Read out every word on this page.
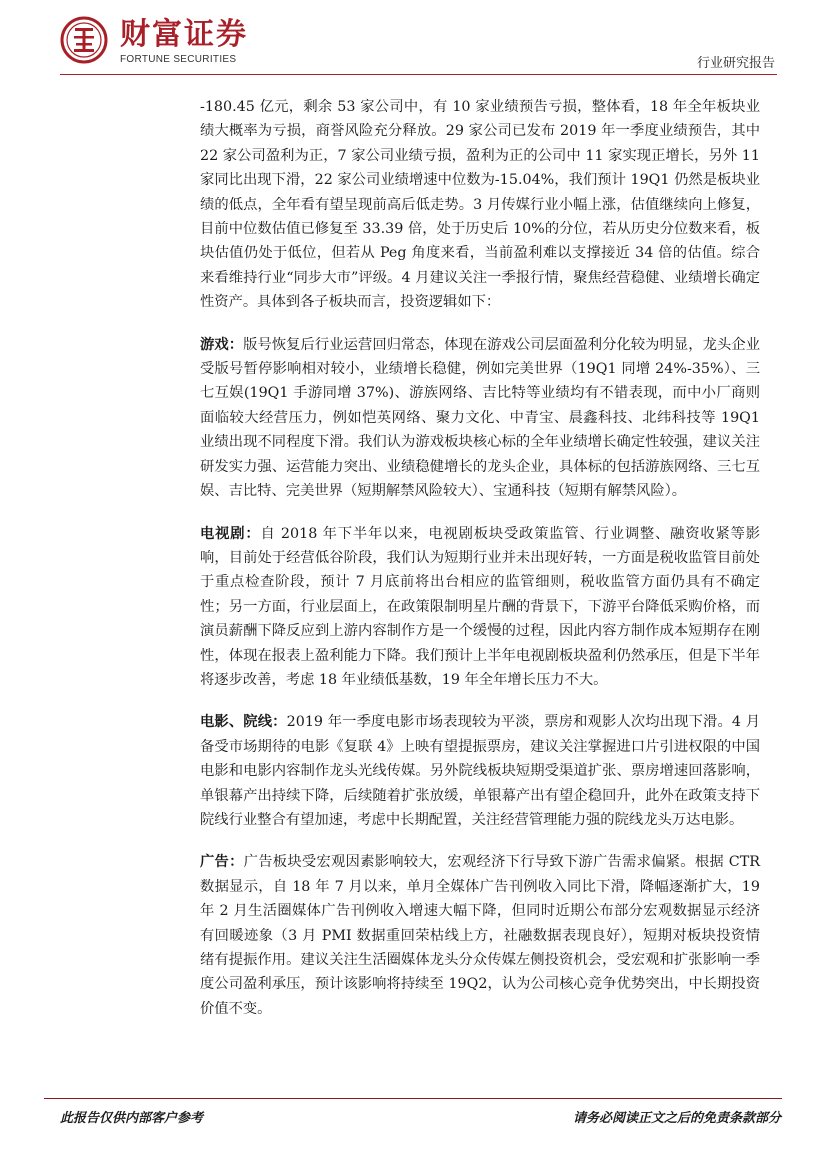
财富证券
FORTUNE SECURITIES	行业研究报告

-180.45 亿元，剩余 53 家公司中，有 10 家业绩预告亏损，整体看，18 年全年板块业绩大概率为亏损，商誉风险充分释放。29 家公司已发布 2019 年一季度业绩预告，其中 22 家公司盈利为正，7 家公司业绩亏损，盈利为正的公司中 11 家实现正增长，另外 11 家同比出现下滑，22 家公司业绩增速中位数为-15.04%，我们预计 19Q1 仍然是板块业绩的低点，全年看有望呈现前高后低走势。3 月传媒行业小幅上涨，估值继续向上修复，目前中位数估值已修复至 33.39 倍，处于历史后 10%的分位，若从历史分位数来看，板块估值仍处于低位，但若从 Peg 角度来看，当前盈利难以支撑接近 34 倍的估值。综合来看维持行业“同步大市”评级。4 月建议关注一季报行情，聚焦经营稳健、业绩增长确定性资产。具体到各子板块而言，投资逻辑如下：

游戏：版号恢复后行业运营回归常态，体现在游戏公司层面盈利分化较为明显，龙头企业受版号暂停影响相对较小，业绩增长稳健，例如完美世界（19Q1 同增 24%-35%）、三七互娱(19Q1 手游同增 37%)、游族网络、吉比特等业绩均有不错表现，而中小厂商则面临较大经营压力，例如恺英网络、聚力文化、中青宝、晨鑫科技、北纬科技等 19Q1 业绩出现不同程度下滑。我们认为游戏板块核心标的全年业绩增长确定性较强，建议关注研发实力强、运营能力突出、业绩稳健增长的龙头企业，具体标的包括游族网络、三七互娱、吉比特、完美世界（短期解禁风险较大）、宝通科技（短期有解禁风险）。

电视剧：自 2018 年下半年以来，电视剧板块受政策监管、行业调整、融资收紧等影响，目前处于经营低谷阶段，我们认为短期行业并未出现好转，一方面是税收监管目前处于重点检查阶段，预计 7 月底前将出台相应的监管细则，税收监管方面仍具有不确定性；另一方面，行业层面上，在政策限制明星片酬的背景下，下游平台降低采购价格，而演员薪酬下降反应到上游内容制作方是一个缓慢的过程，因此内容方制作成本短期存在刚性，体现在报表上盈利能力下降。我们预计上半年电视剧板块盈利仍然承压，但是下半年将逐步改善，考虑 18 年业绩低基数，19 年全年增长压力不大。

电影、院线：2019 年一季度电影市场表现较为平淡，票房和观影人次均出现下滑。4 月备受市场期待的电影《复联 4》上映有望提振票房，建议关注掌握进口片引进权限的中国电影和电影内容制作龙头光线传媒。另外院线板块短期受渠道扩张、票房增速回落影响，单银幕产出持续下降，后续随着扩张放缓，单银幕产出有望企稳回升，此外在政策支持下院线行业整合有望加速，考虑中长期配置，关注经营管理能力强的院线龙头万达电影。

广告：广告板块受宏观因素影响较大，宏观经济下行导致下游广告需求偏紧。根据 CTR 数据显示，自 18 年 7 月以来，单月全媒体广告刊例收入同比下滑，降幅逐渐扩大，19 年 2 月生活圈媒体广告刊例收入增速大幅下降，但同时近期公布部分宏观数据显示经济有回暖迹象（3 月 PMI 数据重回荣枯线上方，社融数据表现良好），短期对板块投资情绪有提振作用。建议关注生活圈媒体龙头分众传媒左侧投资机会，受宏观和扩张影响一季度公司盈利承压，预计该影响将持续至 19Q2，认为公司核心竞争优势突出，中长期投资价值不变。

此报告仅供内部客户参考	请务必阅读正文之后的免责条款部分
